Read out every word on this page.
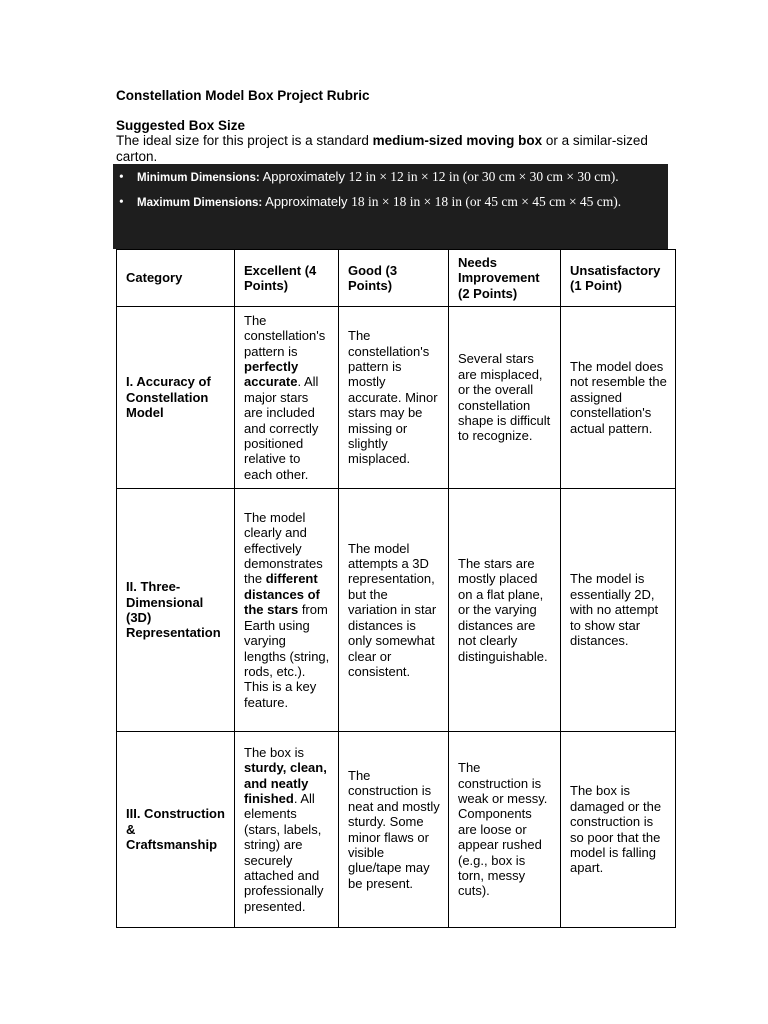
Constellation Model Box Project Rubric
Suggested Box Size
The ideal size for this project is a standard medium-sized moving box or a similar-sized carton.

• Minimum Dimensions: Approximately 12 in × 12 in × 12 in (or 30 cm × 30 cm × 30 cm).

• Maximum Dimensions: Approximately 18 in × 18 in × 18 in (or 45 cm × 45 cm × 45 cm).

Category	Excellent (4 Points)	Good (3 Points)	Needs Improvement (2 Points)	Unsatisfactory (1 Point)
I. Accuracy of Constellation Model	The constellation's pattern is perfectly accurate. All major stars are included and correctly positioned relative to each other.	The constellation's pattern is mostly accurate. Minor stars may be missing or slightly misplaced.	Several stars are misplaced, or the overall constellation shape is difficult to recognize.	The model does not resemble the assigned constellation's actual pattern.
II. Three-Dimensional (3D) Representation	The model clearly and effectively demonstrates the different distances of the stars from Earth using varying lengths (string, rods, etc.). This is a key feature.	The model attempts a 3D representation, but the variation in star distances is only somewhat clear or consistent.	The stars are mostly placed on a flat plane, or the varying distances are not clearly distinguishable.	The model is essentially 2D, with no attempt to show star distances.
III. Construction & Craftsmanship	The box is sturdy, clean, and neatly finished. All elements (stars, labels, string) are securely attached and professionally presented.	The construction is neat and mostly sturdy. Some minor flaws or visible glue/tape may be present.	The construction is weak or messy. Components are loose or appear rushed (e.g., box is torn, messy cuts).	The box is damaged or the construction is so poor that the model is falling apart.
